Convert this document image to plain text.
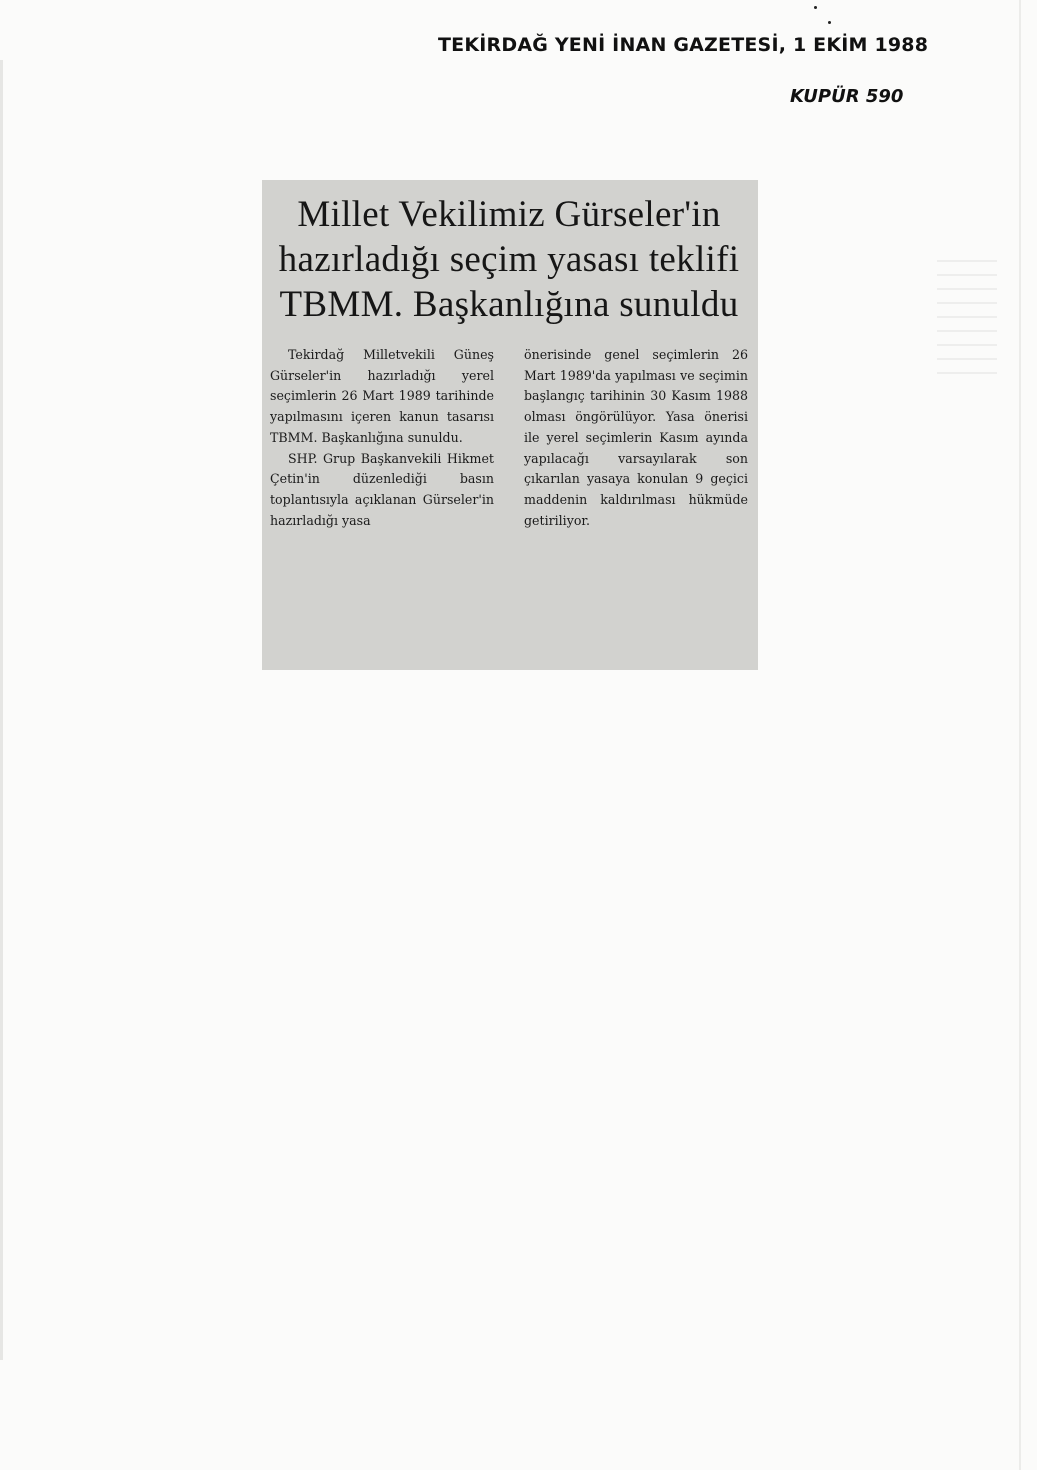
TEKİRDAĞ YENİ İNAN GAZETESİ, 1 EKİM 1988
KUPÜR 590
Millet Vekilimiz Gürseler'in hazırladığı seçim yasası teklifi TBMM. Başkanlığına sunuldu

Tekirdağ Milletvekili Güneş Gürseler'in hazırladığı yerel seçimlerin 26 Mart 1989 tarihinde yapılmasını içeren kanun tasarısı TBMM. Başkanlığına sunuldu.

SHP. Grup Başkanvekili Hikmet Çetin'in düzenlediği basın toplantısıyla açıklanan Gürseler'in hazırladığı yasa

önerisinde genel seçimlerin 26 Mart 1989'da yapılması ve seçimin başlangıç tarihinin 30 Kasım 1988 olması öngörülüyor. Yasa önerisi ile yerel seçimlerin Kasım ayında yapılacağı varsayılarak son çıkarılan yasaya konulan 9 geçici maddenin kaldırılması hükmüde getiriliyor.
